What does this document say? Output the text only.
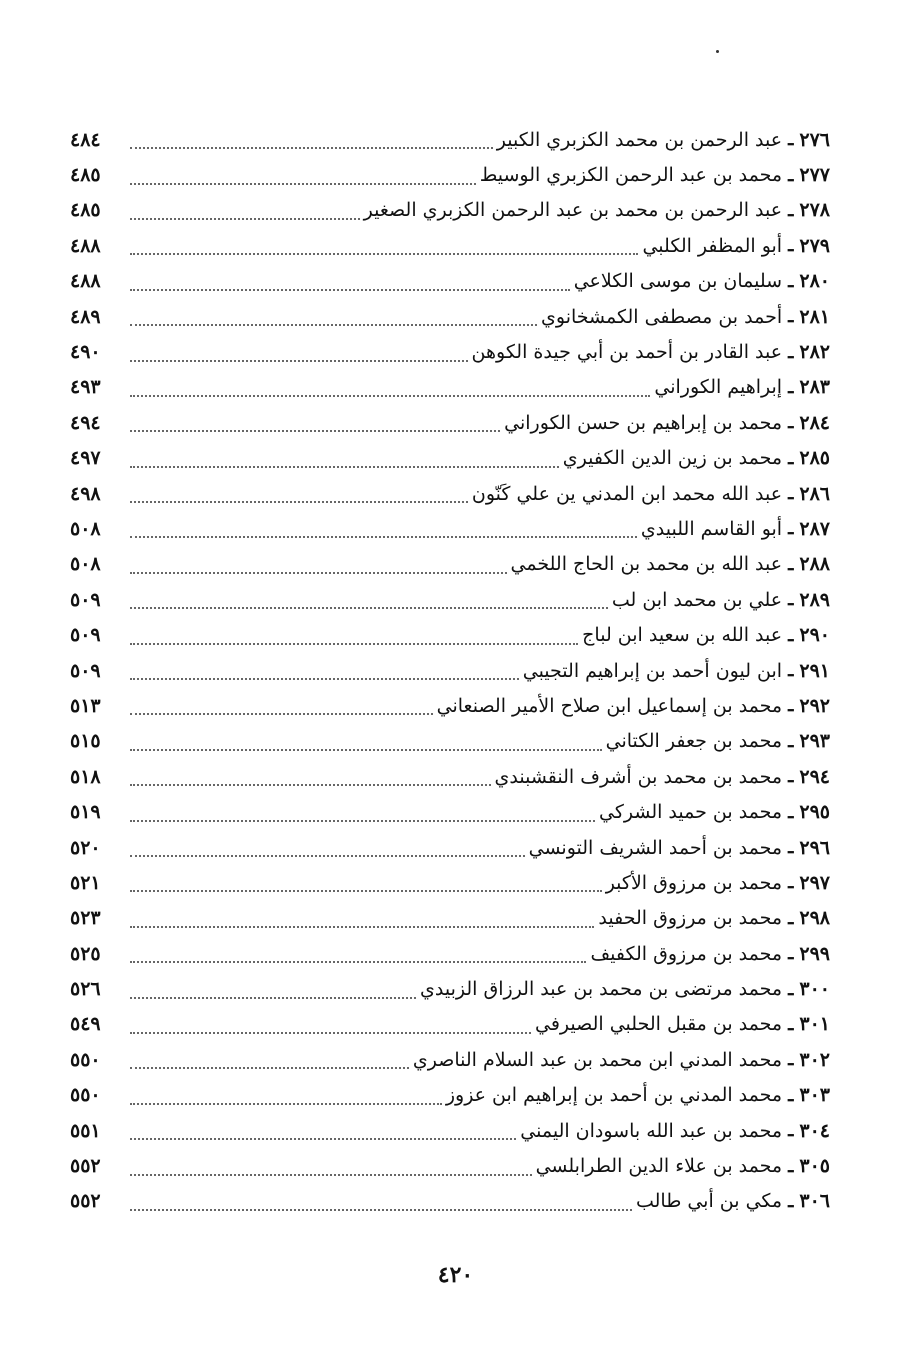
٢٧٦
ـ
عبد الرحمن بن محمد الكزبري الكبير
٤٨٤
٢٧٧
ـ
محمد بن عبد الرحمن الكزبري الوسيط
٤٨٥
٢٧٨
ـ
عبد الرحمن بن محمد بن عبد الرحمن الكزبري الصغير
٤٨٥
٢٧٩
ـ
أبو المظفر الكلبي
٤٨٨
٢٨٠
ـ
سليمان بن موسى الكلاعي
٤٨٨
٢٨١
ـ
أحمد بن مصطفى الكمشخانوي
٤٨٩
٢٨٢
ـ
عبد القادر بن أحمد بن أبي جيدة الكوهن
٤٩٠
٢٨٣
ـ
إبراهيم الكوراني
٤٩٣
٢٨٤
ـ
محمد بن إبراهيم بن حسن الكوراني
٤٩٤
٢٨٥
ـ
محمد بن زين الدين الكفيري
٤٩٧
٢٨٦
ـ
عبد الله محمد ابن المدني ين علي كَنّون
٤٩٨
٢٨٧
ـ
أبو القاسم اللبيدي
٥٠٨
٢٨٨
ـ
عبد الله بن محمد بن الحاج اللخمي
٥٠٨
٢٨٩
ـ
علي بن محمد ابن لب
٥٠٩
٢٩٠
ـ
عبد الله بن سعيد ابن لباج
٥٠٩
٢٩١
ـ
ابن ليون أحمد بن إبراهيم التجيبي
٥٠٩
٢٩٢
ـ
محمد بن إسماعيل ابن صلاح الأمير الصنعاني
٥١٣
٢٩٣
ـ
محمد بن جعفر الكتاني
٥١٥
٢٩٤
ـ
محمد بن محمد بن أشرف النقشبندي
٥١٨
٢٩٥
ـ
محمد بن حميد الشركي
٥١٩
٢٩٦
ـ
محمد بن أحمد الشريف التونسي
٥٢٠
٢٩٧
ـ
محمد بن مرزوق الأكبر
٥٢١
٢٩٨
ـ
محمد بن مرزوق الحفيد
٥٢٣
٢٩٩
ـ
محمد بن مرزوق الكفيف
٥٢٥
٣٠٠
ـ
محمد مرتضى بن محمد بن عبد الرزاق الزبيدي
٥٢٦
٣٠١
ـ
محمد بن مقبل الحلبي الصيرفي
٥٤٩
٣٠٢
ـ
محمد المدني ابن محمد بن عبد السلام الناصري
٥٥٠
٣٠٣
ـ
محمد المدني بن أحمد بن إبراهيم ابن عزوز
٥٥٠
٣٠٤
ـ
محمد بن عبد الله باسودان اليمني
٥٥١
٣٠٥
ـ
محمد بن علاء الدين الطرابلسي
٥٥٢
٣٠٦
ـ
مكي بن أبي طالب
٥٥٢
٤٢٠
